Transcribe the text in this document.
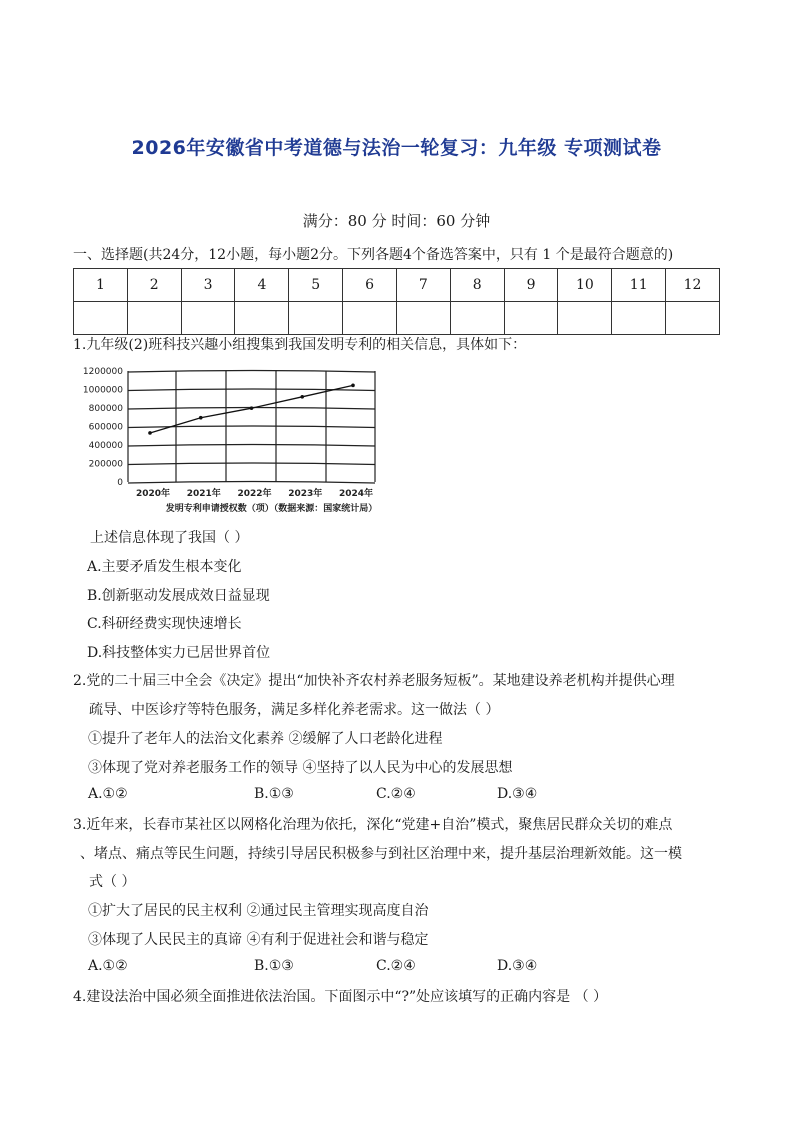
2026年安徽省中考道德与法治一轮复习：九年级 专项测试卷
满分：80 分 时间：60 分钟
一、选择题(共24分，12小题，每小题2分。下列各题4个备选答案中，只有 1 个是最符合题意的)
1	2	3	4	5	6	7	8	9	10	11	12

1.九年级(2)班科技兴趣小组搜集到我国发明专利的相关信息，具体如下：
1200000
1000000
800000
600000
400000
200000
0
2020年 2021年 2022年 2023年 2024年
发明专利申请授权数（项）（数据来源：国家统计局）
上述信息体现了我国（ ）
A.主要矛盾发生根本变化
B.创新驱动发展成效日益显现
C.科研经费实现快速增长
D.科技整体实力已居世界首位
2.党的二十届三中全会《决定》提出“加快补齐农村养老服务短板”。某地建设养老机构并提供心理
疏导、中医诊疗等特色服务，满足多样化养老需求。这一做法（ ）
①提升了老年人的法治文化素养 ②缓解了人口老龄化进程
③体现了党对养老服务工作的领导 ④坚持了以人民为中心的发展思想
A.①②	B.①③	C.②④	D.③④
3.近年来，长春市某社区以网格化治理为依托，深化“党建+自治”模式，聚焦居民群众关切的难点
、堵点、痛点等民生问题，持续引导居民积极参与到社区治理中来，提升基层治理新效能。这一模
式（ ）
①扩大了居民的民主权利 ②通过民主管理实现高度自治
③体现了人民民主的真谛 ④有利于促进社会和谐与稳定
A.①②	B.①③	C.②④	D.③④
4.建设法治中国必须全面推进依法治国。下面图示中“?”处应该填写的正确内容是 （ ）
